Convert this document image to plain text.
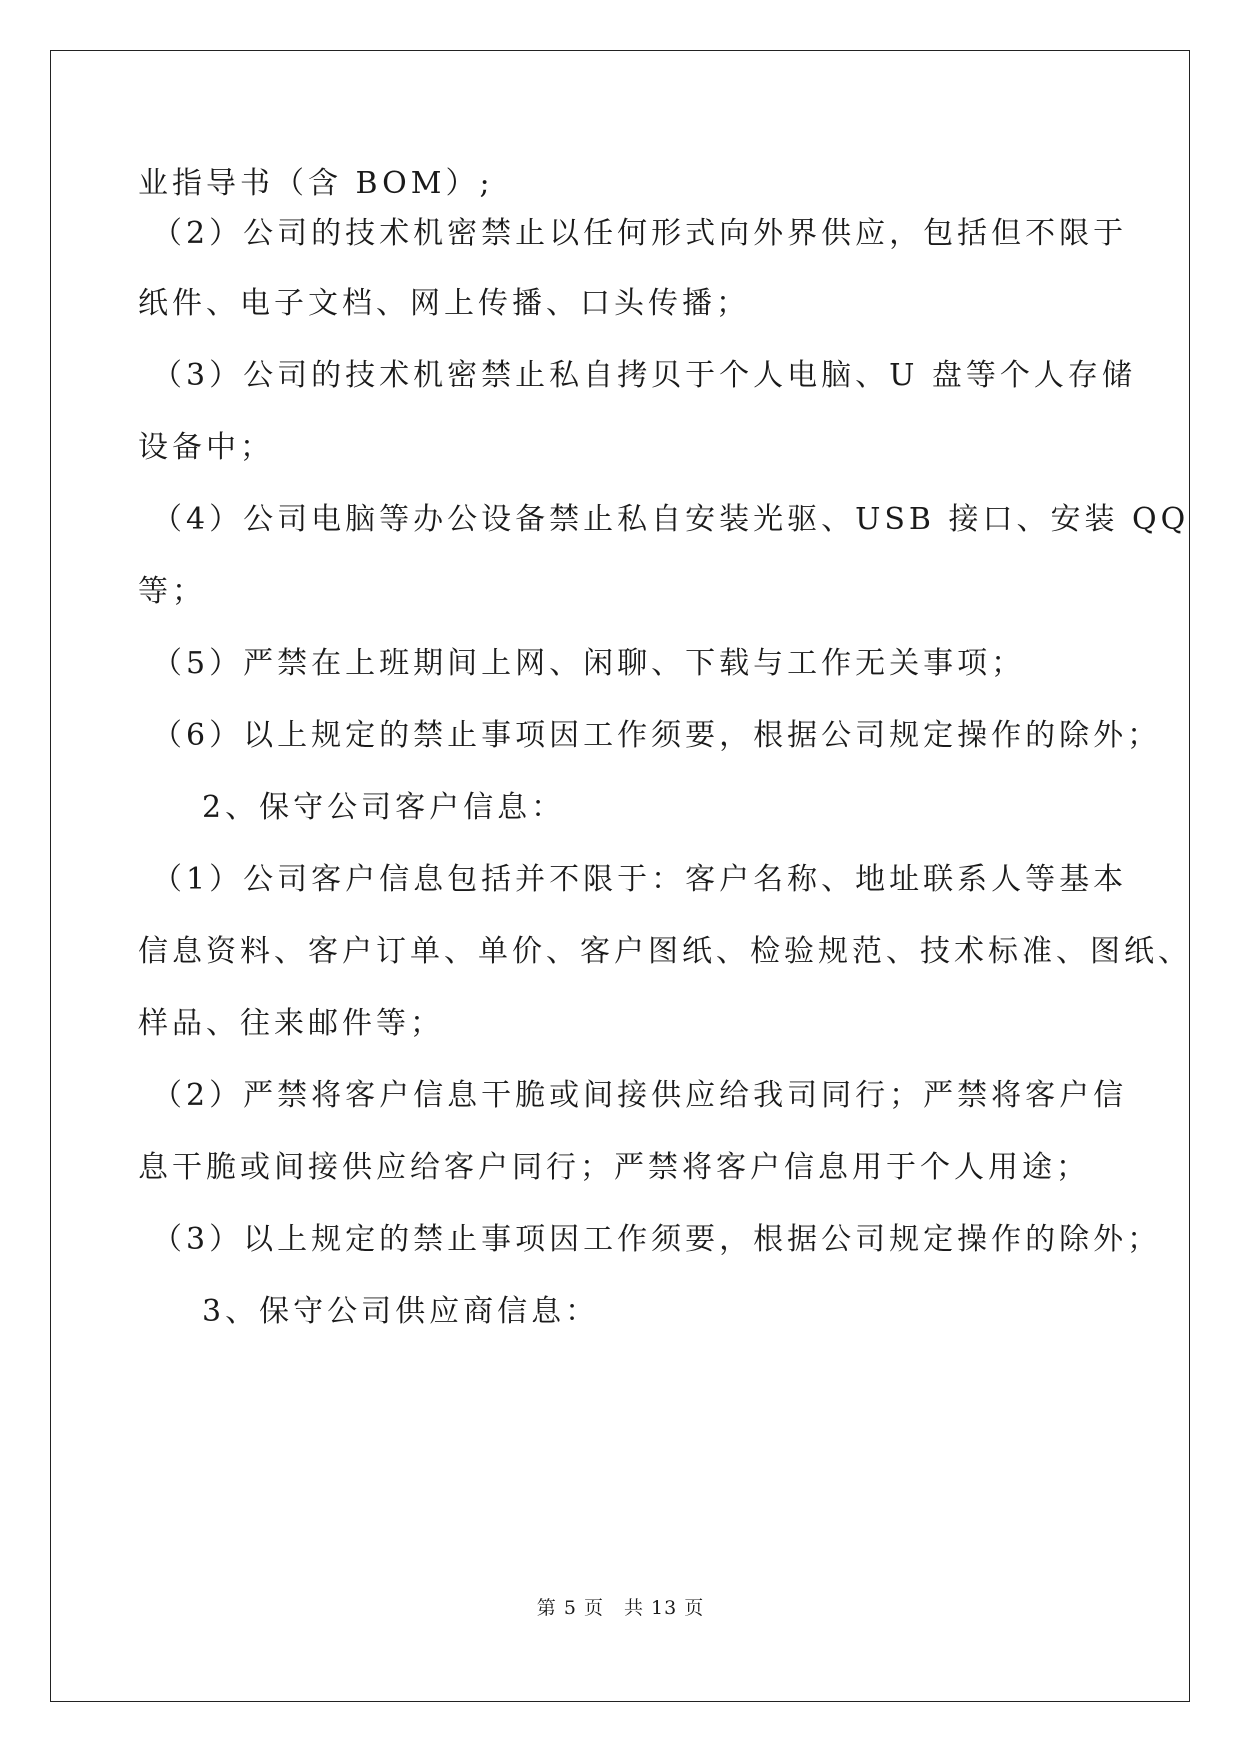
业指导书（含 BOM）;
（2）公司的技术机密禁止以任何形式向外界供应，包括但不限于
纸件、电子文档、网上传播、口头传播；
（3）公司的技术机密禁止私自拷贝于个人电脑、U 盘等个人存储
设备中；
（4）公司电脑等办公设备禁止私自安装光驱、USB 接口、安装 QQ
等；
（5）严禁在上班期间上网、闲聊、下载与工作无关事项；
（6）以上规定的禁止事项因工作须要，根据公司规定操作的除外；
2、保守公司客户信息：
（1）公司客户信息包括并不限于：客户名称、地址联系人等基本
信息资料、客户订单、单价、客户图纸、检验规范、技术标准、图纸、
样品、往来邮件等；
（2）严禁将客户信息干脆或间接供应给我司同行；严禁将客户信
息干脆或间接供应给客户同行；严禁将客户信息用于个人用途；
（3）以上规定的禁止事项因工作须要，根据公司规定操作的除外；
3、保守公司供应商信息：
第 5 页　共 13 页
